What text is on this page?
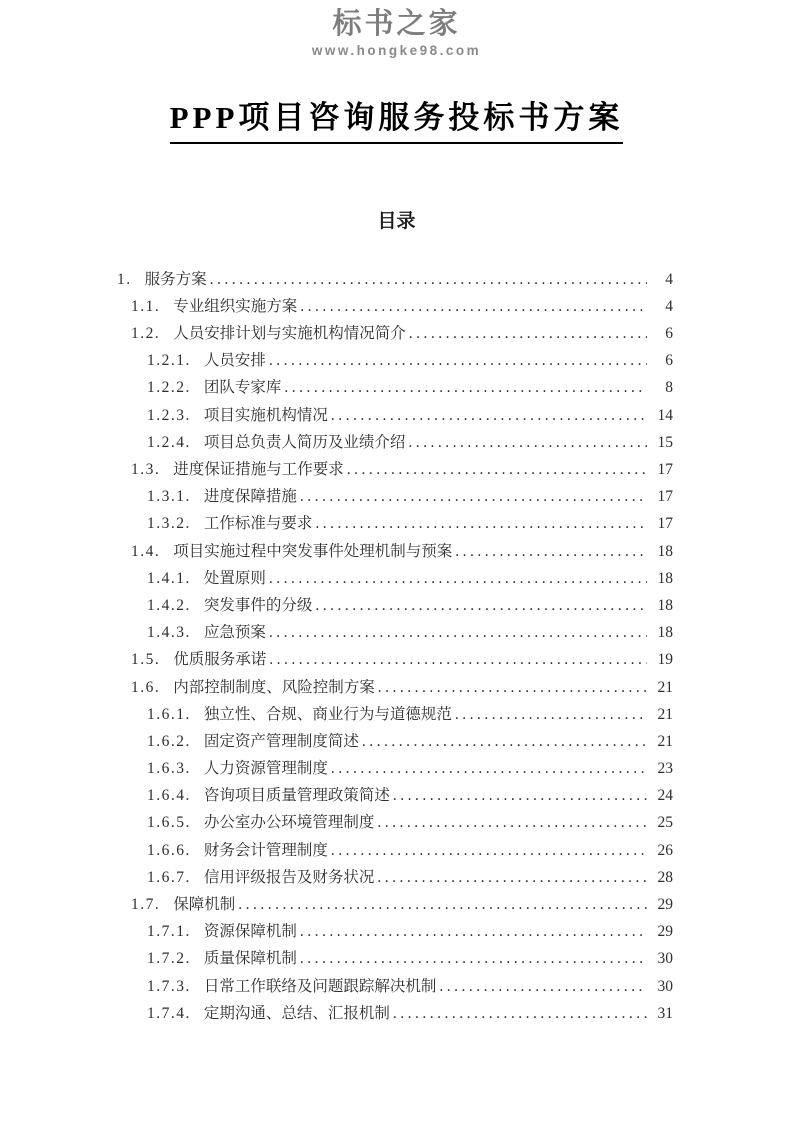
标书之家
www.hongke98.com
PPP项目咨询服务投标书方案
目录
1. 服务方案 .....	4
1.1. 专业组织实施方案 .....	4
1.2. 人员安排计划与实施机构情况简介 .....	6
1.2.1. 人员安排 .....	6
1.2.2. 团队专家库 .....	8
1.2.3. 项目实施机构情况 .....	14
1.2.4. 项目总负责人简历及业绩介绍 .....	15
1.3. 进度保证措施与工作要求 .....	17
1.3.1. 进度保障措施 .....	17
1.3.2. 工作标准与要求 .....	17
1.4. 项目实施过程中突发事件处理机制与预案 .....	18
1.4.1. 处置原则 .....	18
1.4.2. 突发事件的分级 .....	18
1.4.3. 应急预案 .....	18
1.5. 优质服务承诺 .....	19
1.6. 内部控制制度、风险控制方案 .....	21
1.6.1. 独立性、合规、商业行为与道德规范 .....	21
1.6.2. 固定资产管理制度简述 .....	21
1.6.3. 人力资源管理制度 .....	23
1.6.4. 咨询项目质量管理政策简述 .....	24
1.6.5. 办公室办公环境管理制度 .....	25
1.6.6. 财务会计管理制度 .....	26
1.6.7. 信用评级报告及财务状况 .....	28
1.7. 保障机制 .....	29
1.7.1. 资源保障机制 .....	29
1.7.2. 质量保障机制 .....	30
1.7.3. 日常工作联络及问题跟踪解决机制 .....	30
1.7.4. 定期沟通、总结、汇报机制 .....	31
